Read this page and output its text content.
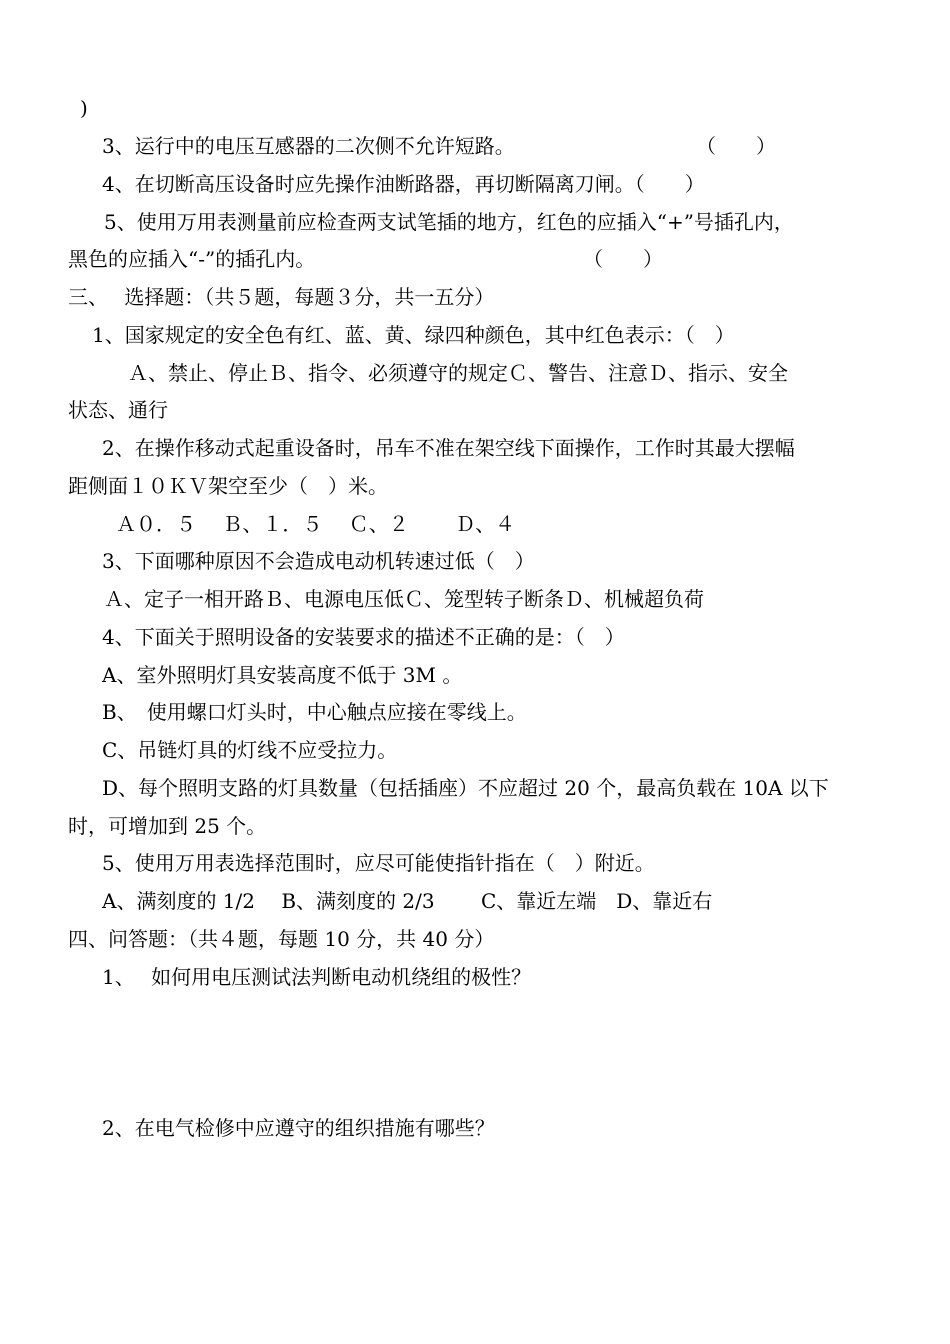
)
3、运行中的电压互感器的二次侧不允许短路。	（　　）
4、在切断高压设备时应先操作油断路器，再切断隔离刀闸。（　　）
5、使用万用表测量前应检查两支试笔插的地方，红色的应插入“+”号插孔内，
黑色的应插入“-”的插孔内。	（　　）
三、　 选择题：（共５题，每题３分，共一五分）
1、国家规定的安全色有红、蓝、黄、绿四种颜色，其中红色表示：（　）
Ａ、禁止、停止Ｂ、指令、必须遵守的规定Ｃ、警告、注意Ｄ、指示、安全
状态、通行
2、在操作移动式起重设备时，吊车不准在架空线下面操作，工作时其最大摆幅
距侧面１０ＫＶ架空至少（　）米。
Ａ０．５　 Ｂ、１．５　 Ｃ、２　　 Ｄ、４
3、下面哪种原因不会造成电动机转速过低（　）
Ａ、定子一相开路Ｂ、电源电压低Ｃ、笼型转子断条Ｄ、机械超负荷
4、下面关于照明设备的安装要求的描述不正确的是：（　）
A、室外照明灯具安装高度不低于 3M 。
B、　使用螺口灯头时，中心触点应接在零线上。
C、吊链灯具的灯线不应受拉力。
D、每个照明支路的灯具数量（包括插座）不应超过 20 个，最高负载在 10A 以下
时，可增加到 25 个。
5、使用万用表选择范围时，应尽可能使指针指在（　）附近。
A、满刻度的 1/2　 B、满刻度的 2/3　　 C、靠近左端　D、靠近右
四、问答题：（共４题，每题 10 分，共 40 分）
1、　 如何用电压测试法判断电动机绕组的极性？
2、在电气检修中应遵守的组织措施有哪些？
